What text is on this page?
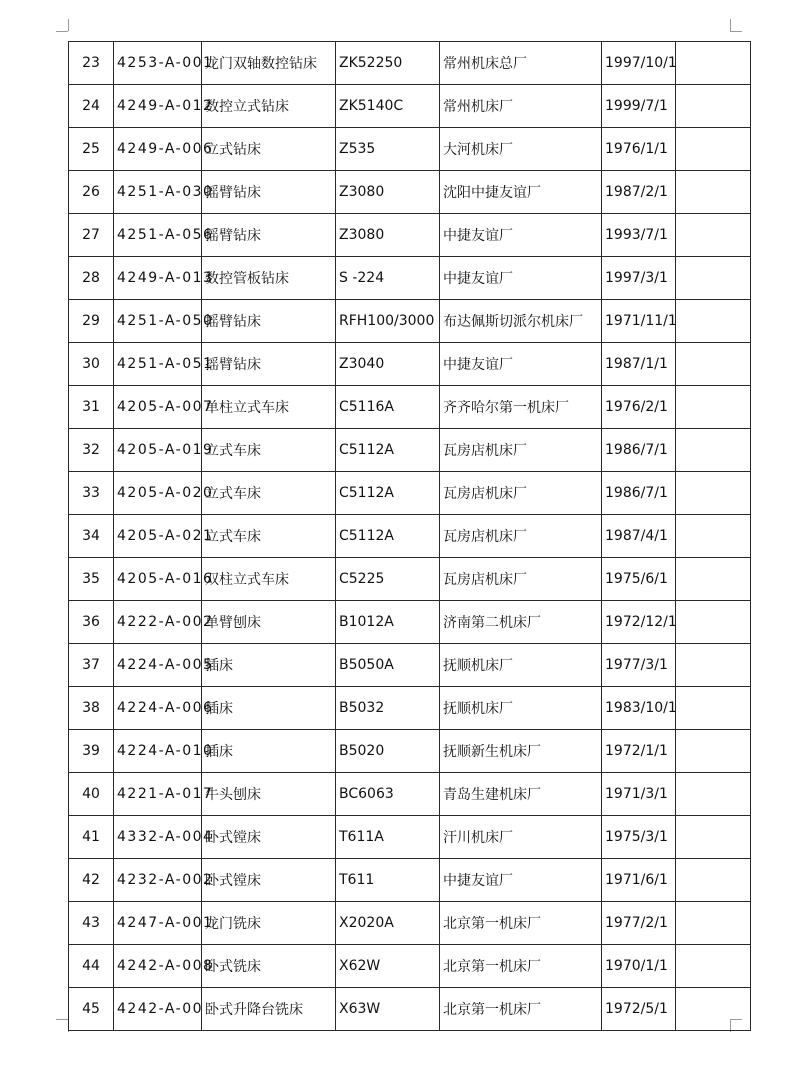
23	4253-A-001	龙门双轴数控钻床	ZK52250	常州机床总厂	1997/10/1	
24	4249-A-012	数控立式钻床	ZK5140C	常州机床厂	1999/7/1	
25	4249-A-006	立式钻床	Z535	大河机床厂	1976/1/1	
26	4251-A-030	摇臂钻床	Z3080	沈阳中捷友谊厂	1987/2/1	
27	4251-A-056	摇臂钻床	Z3080	中捷友谊厂	1993/7/1	
28	4249-A-013	数控管板钻床	S -224	中捷友谊厂	1997/3/1	
29	4251-A-050	摇臂钻床	RFH100/3000	布达佩斯切派尔机床厂	1971/11/1	
30	4251-A-051	摇臂钻床	Z3040	中捷友谊厂	1987/1/1	
31	4205-A-007	单柱立式车床	C5116A	齐齐哈尔第一机床厂	1976/2/1	
32	4205-A-019	立式车床	C5112A	瓦房店机床厂	1986/7/1	
33	4205-A-020	立式车床	C5112A	瓦房店机床厂	1986/7/1	
34	4205-A-021	立式车床	C5112A	瓦房店机床厂	1987/4/1	
35	4205-A-016	双柱立式车床	C5225	瓦房店机床厂	1975/6/1	
36	4222-A-002	单臂刨床	B1012A	济南第二机床厂	1972/12/1	
37	4224-A-005	插床	B5050A	抚顺机床厂	1977/3/1	
38	4224-A-006	插床	B5032	抚顺机床厂	1983/10/1	
39	4224-A-010	插床	B5020	抚顺新生机床厂	1972/1/1	
40	4221-A-017	牛头刨床	BC6063	青岛生建机床厂	1971/3/1	
41	4332-A-004	卧式镗床	T611A	汗川机床厂	1975/3/1	
42	4232-A-002	卧式镗床	T611	中捷友谊厂	1971/6/1	
43	4247-A-001	龙门铣床	X2020A	北京第一机床厂	1977/2/1	
44	4242-A-008	卧式铣床	X62W	北京第一机床厂	1970/1/1	
45	4242-A-00	卧式升降台铣床	X63W	北京第一机床厂	1972/5/1	
